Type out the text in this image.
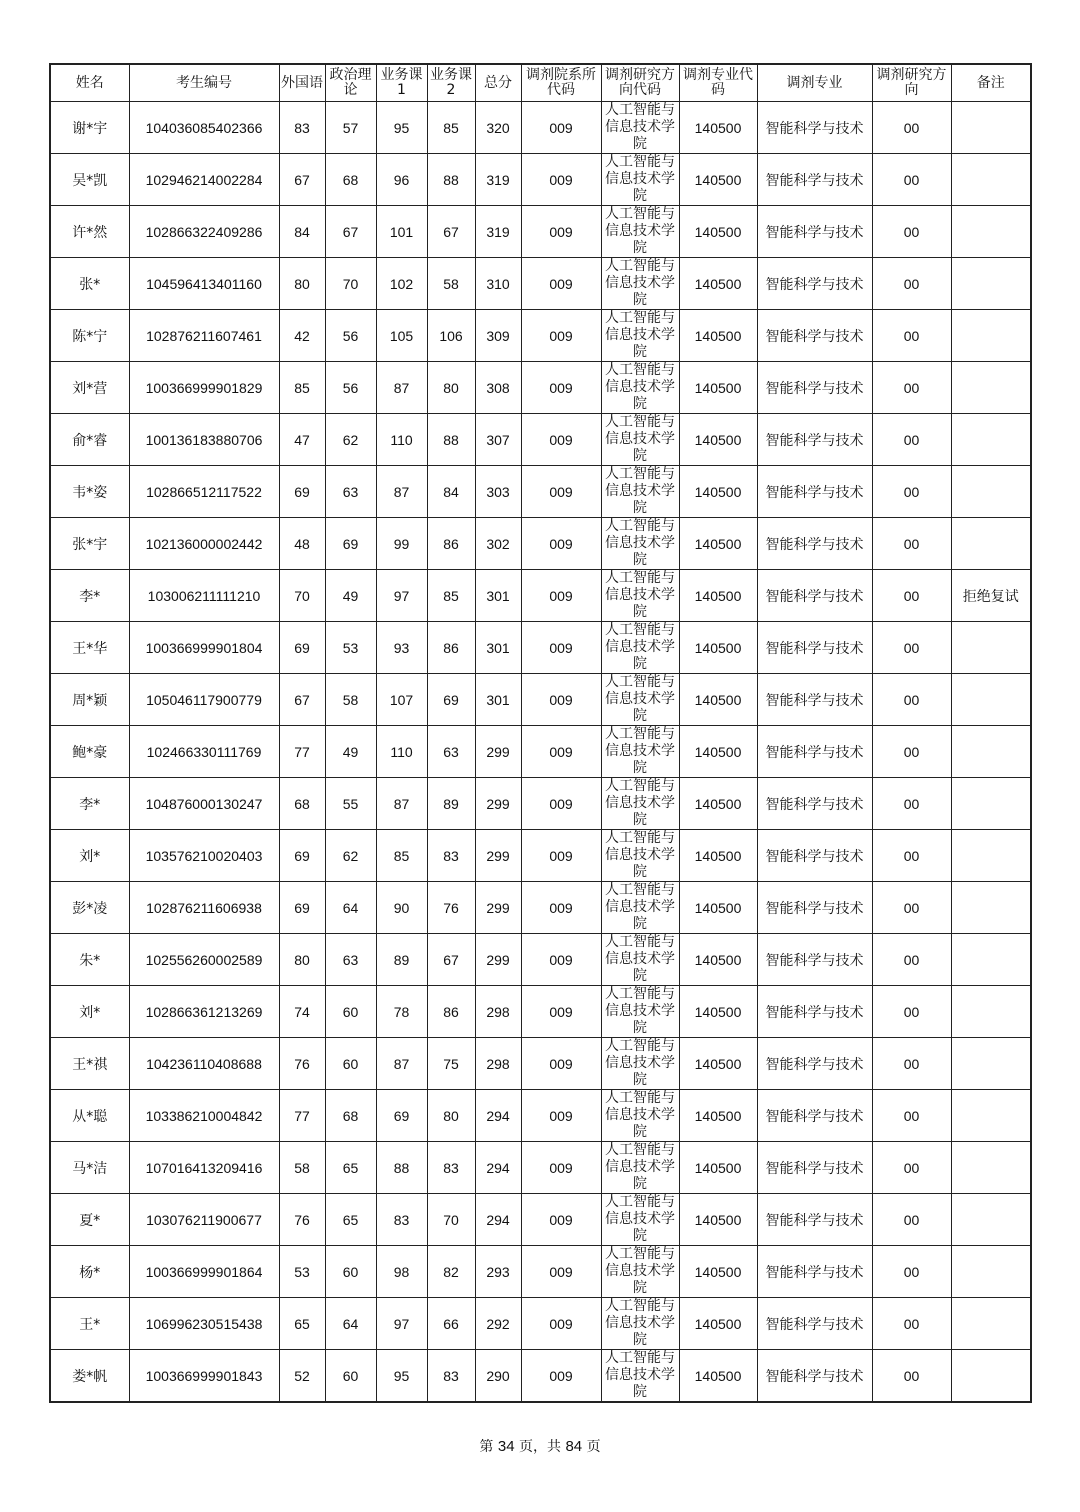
姓名	考生编号	外国语	政治理论	业务课1	业务课2	总分	调剂院系所代码	调剂研究方向代码	调剂专业代码	调剂专业	调剂研究方向	备注
谢*宇	104036085402366	83	57	95	85	320	009	人工智能与信息技术学院	140500	智能科学与技术	00	
吴*凯	102946214002284	67	68	96	88	319	009	人工智能与信息技术学院	140500	智能科学与技术	00	
许*然	102866322409286	84	67	101	67	319	009	人工智能与信息技术学院	140500	智能科学与技术	00	
张*	104596413401160	80	70	102	58	310	009	人工智能与信息技术学院	140500	智能科学与技术	00	
陈*宁	102876211607461	42	56	105	106	309	009	人工智能与信息技术学院	140500	智能科学与技术	00	
刘*营	100366999901829	85	56	87	80	308	009	人工智能与信息技术学院	140500	智能科学与技术	00	
俞*睿	100136183880706	47	62	110	88	307	009	人工智能与信息技术学院	140500	智能科学与技术	00	
韦*姿	102866512117522	69	63	87	84	303	009	人工智能与信息技术学院	140500	智能科学与技术	00	
张*宇	102136000002442	48	69	99	86	302	009	人工智能与信息技术学院	140500	智能科学与技术	00	
李*	103006211111210	70	49	97	85	301	009	人工智能与信息技术学院	140500	智能科学与技术	00	拒绝复试
王*华	100366999901804	69	53	93	86	301	009	人工智能与信息技术学院	140500	智能科学与技术	00	
周*颖	105046117900779	67	58	107	69	301	009	人工智能与信息技术学院	140500	智能科学与技术	00	
鲍*豪	102466330111769	77	49	110	63	299	009	人工智能与信息技术学院	140500	智能科学与技术	00	
李*	104876000130247	68	55	87	89	299	009	人工智能与信息技术学院	140500	智能科学与技术	00	
刘*	103576210020403	69	62	85	83	299	009	人工智能与信息技术学院	140500	智能科学与技术	00	
彭*凌	102876211606938	69	64	90	76	299	009	人工智能与信息技术学院	140500	智能科学与技术	00	
朱*	102556260002589	80	63	89	67	299	009	人工智能与信息技术学院	140500	智能科学与技术	00	
刘*	102866361213269	74	60	78	86	298	009	人工智能与信息技术学院	140500	智能科学与技术	00	
王*祺	104236110408688	76	60	87	75	298	009	人工智能与信息技术学院	140500	智能科学与技术	00	
从*聪	103386210004842	77	68	69	80	294	009	人工智能与信息技术学院	140500	智能科学与技术	00	
马*洁	107016413209416	58	65	88	83	294	009	人工智能与信息技术学院	140500	智能科学与技术	00	
夏*	103076211900677	76	65	83	70	294	009	人工智能与信息技术学院	140500	智能科学与技术	00	
杨*	100366999901864	53	60	98	82	293	009	人工智能与信息技术学院	140500	智能科学与技术	00	
王*	106996230515438	65	64	97	66	292	009	人工智能与信息技术学院	140500	智能科学与技术	00	
娄*帆	100366999901843	52	60	95	83	290	009	人工智能与信息技术学院	140500	智能科学与技术	00	
第 34 页，共 84 页
